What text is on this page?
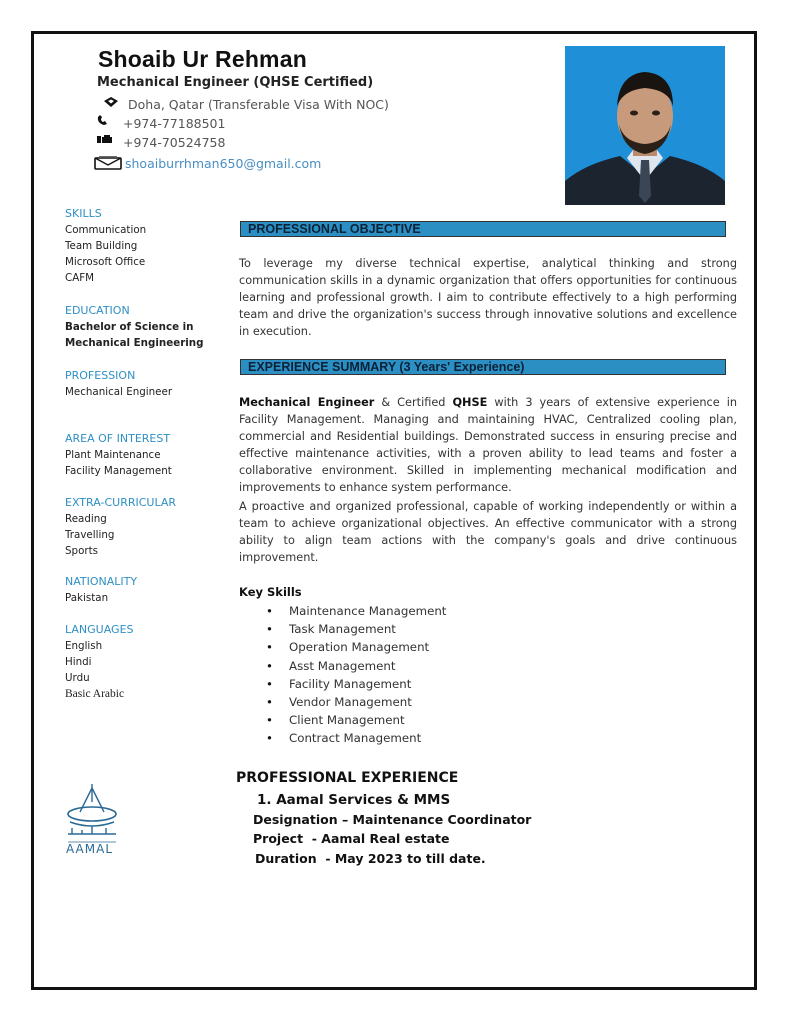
Shoaib Ur Rehman
Mechanical Engineer (QHSE Certified)
Doha, Qatar (Transferable Visa With NOC)
+974-77188501
+974-70524758
shoaiburrhman650@gmail.com
SKILLS
Communication
Team Building
Microsoft Office
CAFM
EDUCATION
Bachelor of Science in
Mechanical Engineering
PROFESSION
Mechanical Engineer
AREA OF INTEREST
Plant Maintenance
Facility Management
EXTRA-CURRICULAR
Reading
Travelling
Sports
NATIONALITY
Pakistan
LANGUAGES
English
Hindi
Urdu
Basic Arabic
AAMAL
PROFESSIONAL OBJECTIVE
To leverage my diverse technical expertise, analytical thinking and strong communication skills in a dynamic organization that offers opportunities for continuous learning and professional growth. I aim to contribute effectively to a high performing team and drive the organization's success through innovative solutions and excellence in execution.
EXPERIENCE SUMMARY (3 Years' Experience)
Mechanical Engineer & Certified QHSE with 3 years of extensive experience in Facility Management. Managing and maintaining HVAC, Centralized cooling plan, commercial and Residential buildings. Demonstrated success in ensuring precise and effective maintenance activities, with a proven ability to lead teams and foster a collaborative environment. Skilled in implementing mechanical modification and improvements to enhance system performance.
A proactive and organized professional, capable of working independently or within a team to achieve organizational objectives. An effective communicator with a strong ability to align team actions with the company's goals and drive continuous improvement.
Key Skills
• Maintenance Management
• Task Management
• Operation Management
• Asst Management
• Facility Management
• Vendor Management
• Client Management
• Contract Management
PROFESSIONAL EXPERIENCE
1. Aamal Services & MMS
Designation – Maintenance Coordinator
Project  - Aamal Real estate
Duration  - May 2023 to till date.
